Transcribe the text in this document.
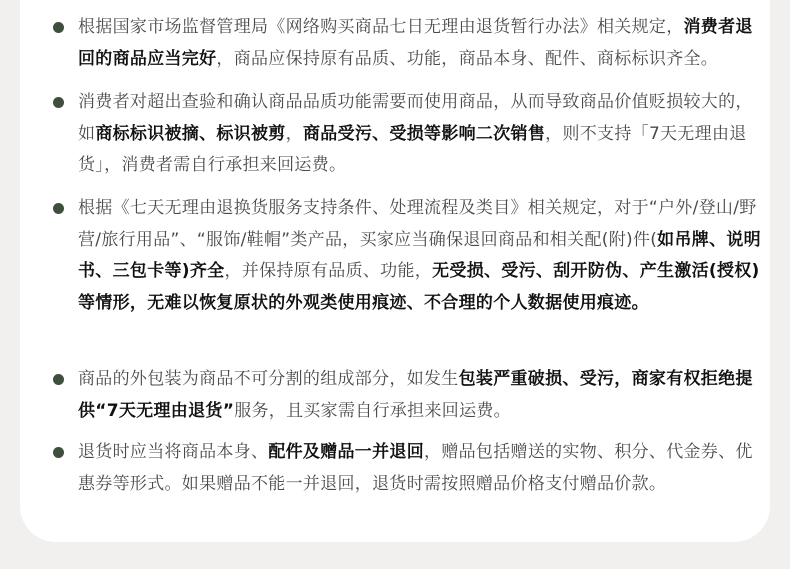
根据国家市场监督管理局《网络购买商品七日无理由退货暂行办法》相关规定，消费者退回的商品应当完好，商品应保持原有品质、功能，商品本身、配件、商标标识齐全。
消费者对超出查验和确认商品品质功能需要而使用商品，从而导致商品价值贬损较大的，如商标标识被摘、标识被剪，商品受污、受损等影响二次销售，则不支持「7天无理由退货」，消费者需自行承担来回运费。
根据《七天无理由退换货服务支持条件、处理流程及类目》相关规定，对于“户外/登山/野营/旅行用品”、“服饰/鞋帽”类产品，买家应当确保退回商品和相关配(附)件(如吊牌、说明书、三包卡等)齐全，并保持原有品质、功能，无受损、受污、刮开防伪、产生激活(授权)等情形，无难以恢复原状的外观类使用痕迹、不合理的个人数据使用痕迹。
商品的外包装为商品不可分割的组成部分，如发生包装严重破损、受污，商家有权拒绝提供“7天无理由退货”服务，且买家需自行承担来回运费。
退货时应当将商品本身、配件及赠品一并退回，赠品包括赠送的实物、积分、代金券、优惠券等形式。如果赠品不能一并退回，退货时需按照赠品价格支付赠品价款。
